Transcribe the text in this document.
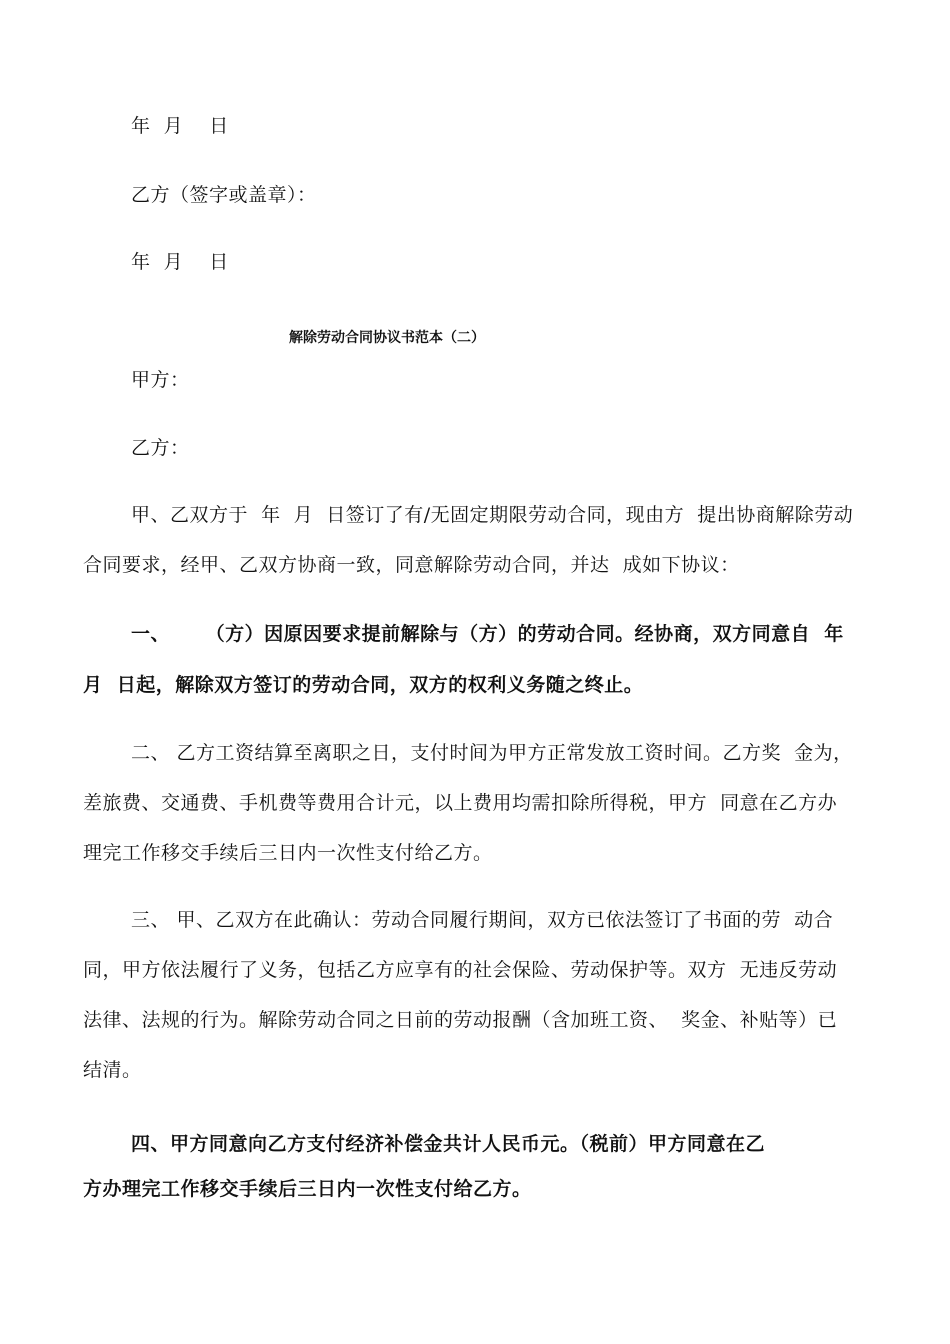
年  月    日
乙方（签字或盖章）：
年  月    日
解除劳动合同协议书范本（二）
甲方：
乙方：
甲、乙双方于  年  月  日签订了有/无固定期限劳动合同，现由方  提出协商解除劳动
合同要求，经甲、乙双方协商一致，同意解除劳动合同，并达  成如下协议：
一、     （方）因原因要求提前解除与（方）的劳动合同。经协商，双方同意自  年
月  日起，解除双方签订的劳动合同，双方的权利义务随之终止。
二、 乙方工资结算至离职之日，支付时间为甲方正常发放工资时间。乙方奖  金为，
差旅费、交通费、手机费等费用合计元，以上费用均需扣除所得税，甲方  同意在乙方办
理完工作移交手续后三日内一次性支付给乙方。
三、 甲、乙双方在此确认：劳动合同履行期间，双方已依法签订了书面的劳  动合
同，甲方依法履行了义务，包括乙方应享有的社会保险、劳动保护等。双方  无违反劳动
法律、法规的行为。解除劳动合同之日前的劳动报酬（含加班工资、  奖金、补贴等）已
结清。
四、甲方同意向乙方支付经济补偿金共计人民币元。（税前）甲方同意在乙
方办理完工作移交手续后三日内一次性支付给乙方。
